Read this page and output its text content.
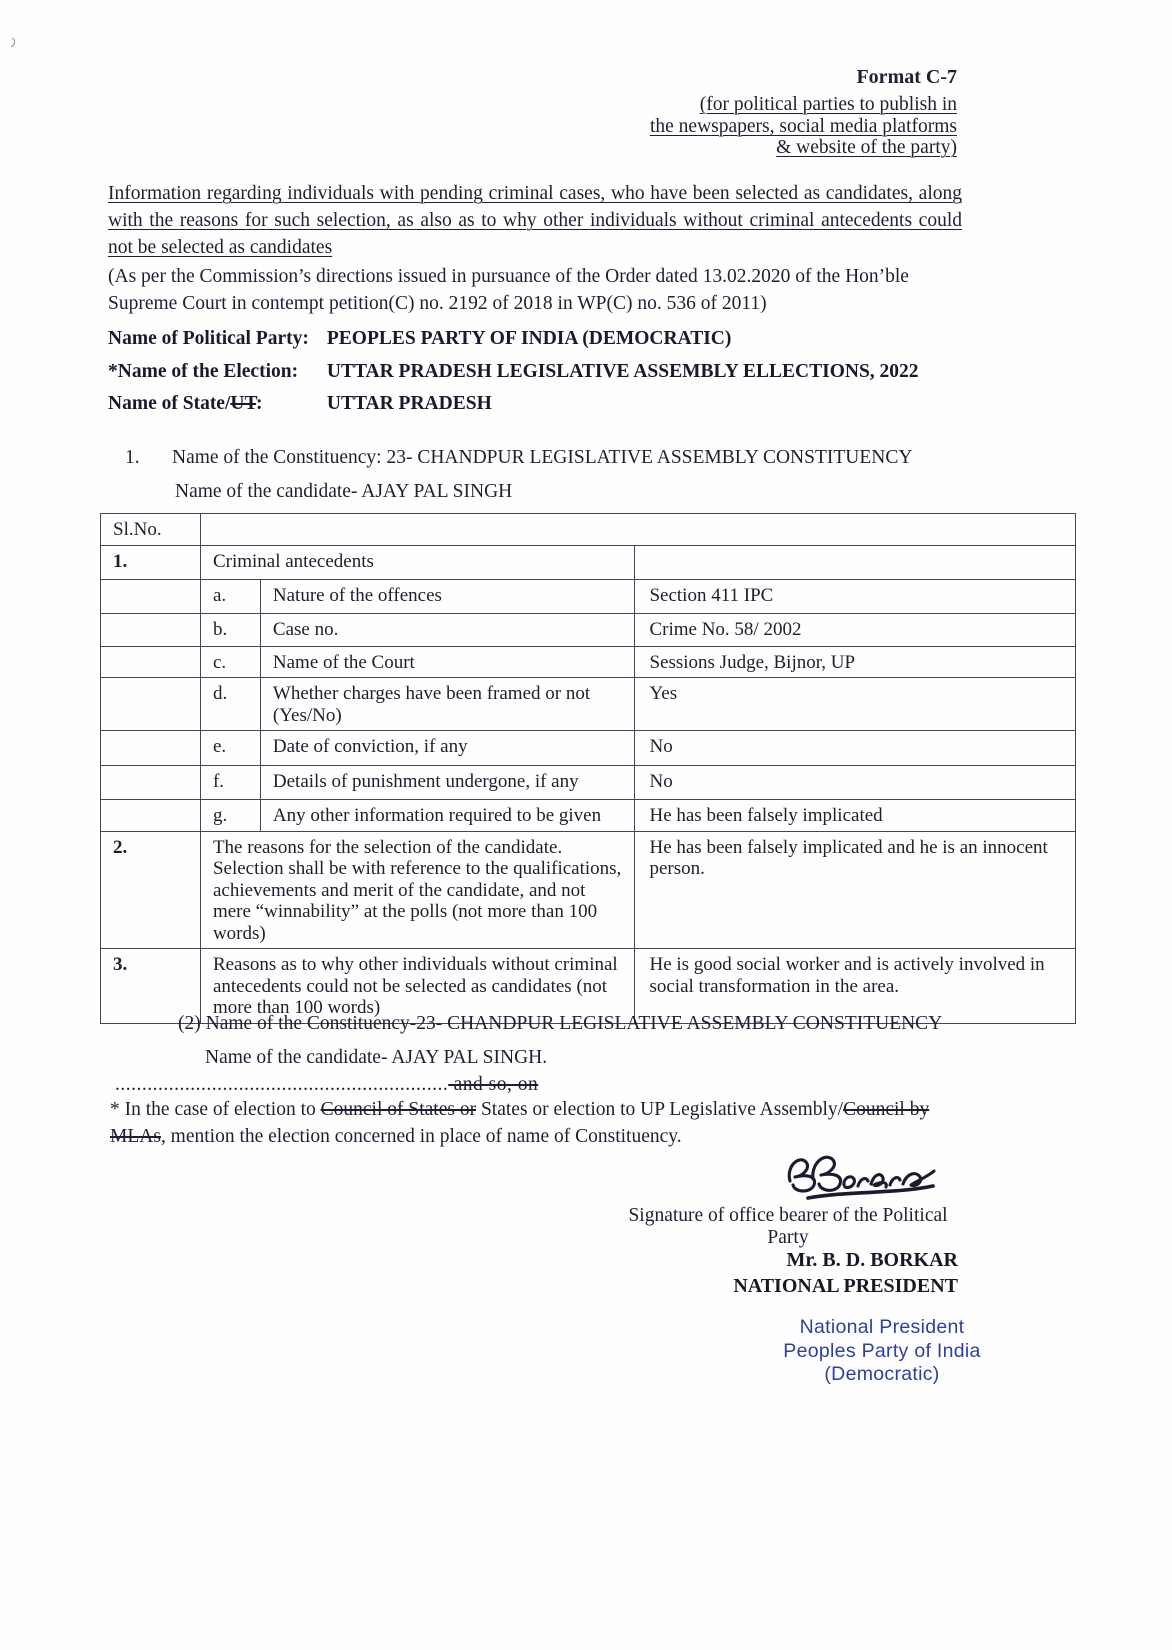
Format C-7
(for political parties to publish in
the newspapers, social media platforms
& website of the party)
Information regarding individuals with pending criminal cases, who have been selected as candidates, along with the reasons for such selection, as also as to why other individuals without criminal antecedents could not be selected as candidates
(As per the Commission’s directions issued in pursuance of the Order dated 13.02.2020 of the Hon’ble Supreme Court in contempt petition(C) no. 2192 of 2018 in WP(C) no. 536 of 2011)
Name of Political Party: PEOPLES PARTY OF INDIA (DEMOCRATIC)
*Name of the Election: UTTAR PRADESH LEGISLATIVE ASSEMBLY ELLECTIONS, 2022
Name of State/UT:	UTTAR PRADESH
1. Name of the Constituency: 23- CHANDPUR LEGISLATIVE ASSEMBLY CONSTITUENCY
Name of the candidate- AJAY PAL SINGH
Sl.No.			
1.	Criminal antecedents		
	a.	Nature of the offences	Section 411 IPC
	b.	Case no.	Crime No. 58/ 2002
	c.	Name of the Court	Sessions Judge, Bijnor, UP
	d.	Whether charges have been framed or not (Yes/No)	Yes
	e.	Date of conviction, if any	No
	f.	Details of punishment undergone, if any	No
	g.	Any other information required to be given	He has been falsely implicated
2.	The reasons for the selection of the candidate. Selection shall be with reference to the qualifications, achievements and merit of the candidate, and not mere “winnability” at the polls (not more than 100 words)		He has been falsely implicated and he is an innocent person.
3.	Reasons as to why other individuals without criminal antecedents could not be selected as candidates (not more than 100 words)		He is good social worker and is actively involved in social transformation in the area.
(2) Name of the Constituency-23- CHANDPUR LEGISLATIVE ASSEMBLY CONSTITUENCY
Name of the candidate- AJAY PAL SINGH.
.............................................................. and so, on
* In the case of election to Council of States or States or election to UP Legislative Assembly/Council by MLAs, mention the election concerned in place of name of Constituency.
Signature of office bearer of the Political Party
Mr. B. D. BORKAR
NATIONAL PRESIDENT
National President
Peoples Party of India
(Democratic)
